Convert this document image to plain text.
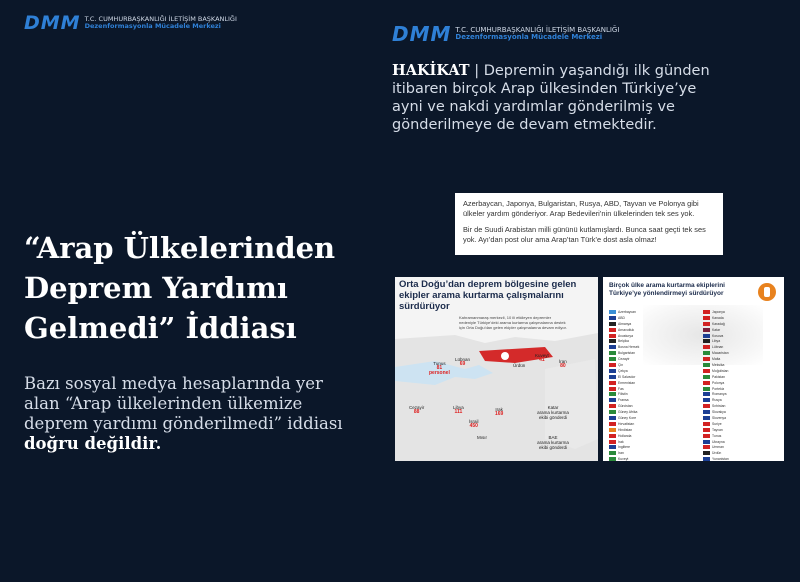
DMM T.C. CUMHURBAŞKANLIĞI İLETİŞİM BAŞKANLIĞI
Dezenformasyonla Mücadele Merkezi	DMM T.C. CUMHURBAŞKANLIĞI İLETİŞİM BAŞKANLIĞI
Dezenformasyonla Mücadele Merkezi
HAKİKAT | Depremin yaşandığı ilk günden itibaren birçok Arap ülkesinden Türkiye’ye ayni ve nakdi yardımlar gönderilmiş ve gönderilmeye de devam etmektedir.
“Arap Ülkelerinden Deprem Yardımı Gelmedi” İddiası
Bazı sosyal medya hesaplarında yer alan “Arap ülkelerinden ülkemize deprem yardımı gönderilmedi” iddiası doğru değildir.

Azerbaycan, Japonya, Bulgaristan, Rusya, ABD, Tayvan ve Polonya gibi ülkeler yardım gönderiyor. Arap Bedevileri’nin ülkelerinden tek ses yok.

Bir de Suudi Arabistan milli gününü kutlamışlardı. Bunca saat geçti tek ses yok. Ayı’dan post olur ama Arap’tan Türk’e dost asla olmaz!

Orta Doğu’dan deprem bölgesine gelen ekipler arama kurtarma çalışmalarını sürdürüyor
Kahramanmaraş merkezli, 10 ili etkileyen depremler nedeniyle Türkiye’deki arama kurtarma çalışmalarına destek için Orta Doğu’dan gelen ekipler çalışmalarına devam ediyor.
Tunus
81
personel
Lübnan
69	Ürdün
Kuveyt
41	İran
80
Cezayir
88
Libya
111	Irak
169
İsrail
450
Mısır
Katar
arama kurtarma ekibi gönderdi
BAE
arama kurtarma ekibi gönderdi
Birçok ülke arama kurtarma ekiplerini Türkiye’ye yönlendirmeyi sürdürüyor
Azerbaycan
ABD
Almanya
Arnavutluk
Avusturya
Belçika
Bosna Hersek
Bulgaristan
Cezayir
Çin
Çekya
El Salvador
Ermenistan
Fas
Filistin
Fransa
Gürcistan
Güney Afrika
Güney Kore
Hırvatistan
Hindistan
Hollanda
Irak
İngiltere
İran
Kuveyt
Japonya
Kanada
Karadağ
Katar
Kosova
Libya
Lübnan
Macaristan
Malta
Meksika
Moğolistan
Pakistan
Polonya
Portekiz
Romanya
Rusya
Sırbistan
Slovakya
Slovenya
Suriye
Tayvan
Tunus
Ukrayna
Umman
Ürdün
Yunanistan
